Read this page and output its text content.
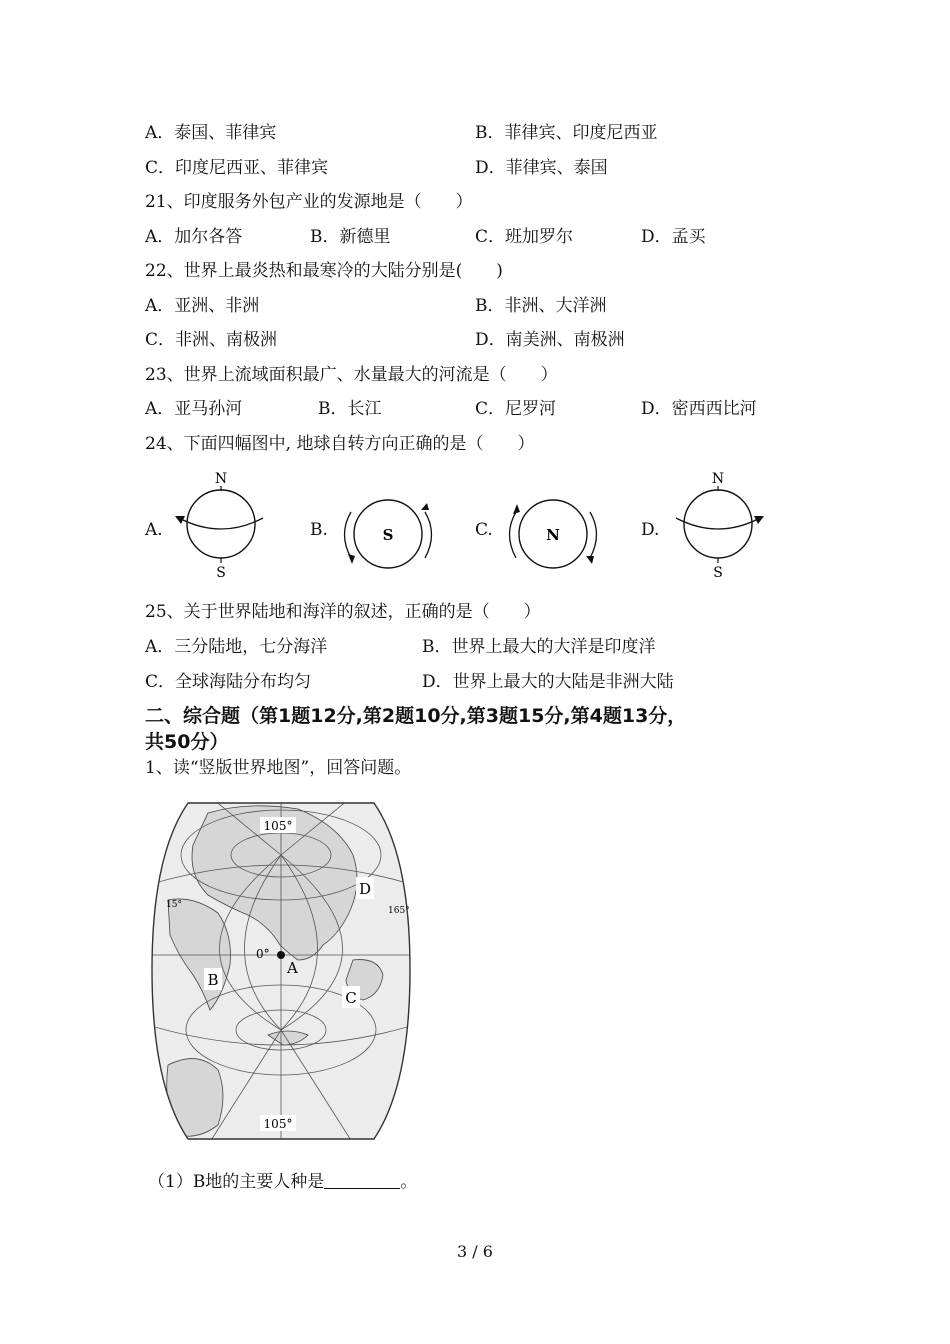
A．泰国、菲律宾	B．菲律宾、印度尼西亚
C．印度尼西亚、菲律宾	D．菲律宾、泰国
21、印度服务外包产业的发源地是（　　）
A．加尔各答	B．新德里	C．班加罗尔	D．孟买
22、世界上最炎热和最寒冷的大陆分别是(　　)
A．亚洲、非洲	B．非洲、大洋洲
C．非洲、南极洲	D．南美洲、南极洲
23、世界上流域面积最广、水量最大的河流是（　　）
A．亚马孙河	B．长江	C．尼罗河	D．密西西比河
24、下面四幅图中, 地球自转方向正确的是（　　）
A.	B.	C.	D.
N
S
S	N
N
S
25、关于世界陆地和海洋的叙述，正确的是（　　）
A．三分陆地，七分海洋	B．世界上最大的大洋是印度洋
C．全球海陆分布均匀	D．世界上最大的大陆是非洲大陆
二、综合题（第1题12分,第2题10分,第3题15分,第4题13分，
共50分）
1、读“竖版世界地图”，回答问题。
105°
15°
165°
D
0°
A
B
C
105°
（1）B地的主要人种是	。
3 / 6
